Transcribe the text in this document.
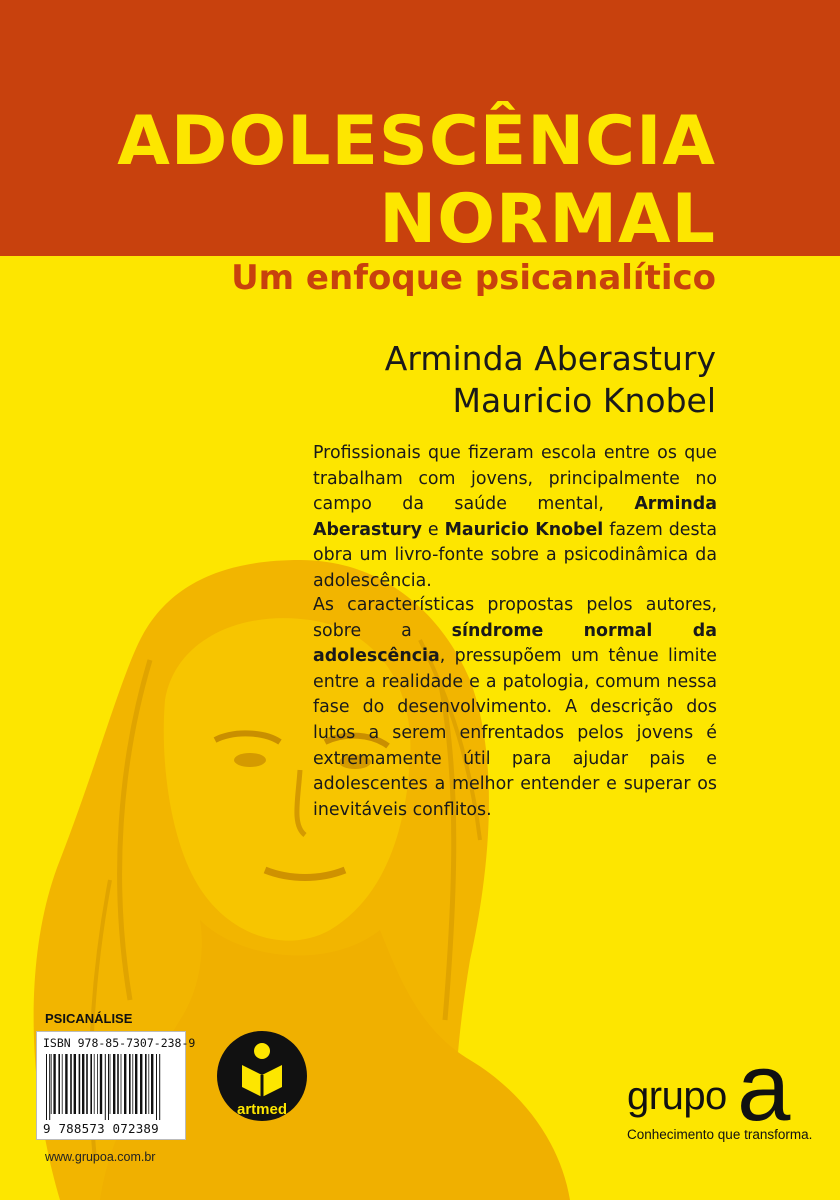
ADOLESCÊNCIA
NORMAL
Um enfoque psicanalítico
Arminda Aberastury
Mauricio Knobel

Profissionais que fizeram escola entre os que trabalham com jovens, principalmente no campo da saúde mental, Arminda Aberastury e Mauricio Knobel fazem desta obra um livro-fonte sobre a psicodinâmica da adolescência.

As características propostas pelos autores, sobre a síndrome normal da adolescência, pressupõem um tênue limite entre a realidade e a patologia, comum nessa fase do desenvolvimento. A descrição dos lutos a serem enfrentados pelos jovens é extremamente útil para ajudar pais e adolescentes a melhor entender e superar os inevitáveis conflitos.

PSICANÁLISE
ISBN 978-85-7307-238-9
9 788573 072389
www.grupoa.com.br
artmed	grupo a
Conhecimento que transforma.
